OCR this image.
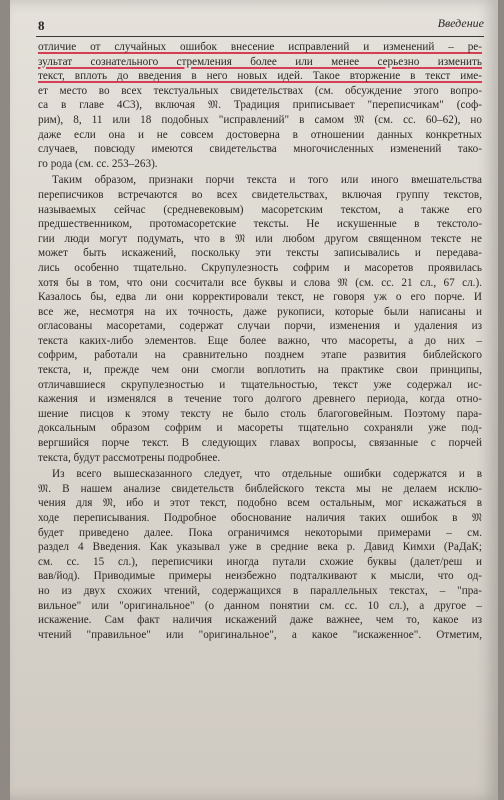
8	Введение
отличие от случайных ошибок внесение исправлений и изменений – ре-
зультат сознательного стремления более или менее серьезно изменить
текст, вплоть до введения в него новых идей. Такое вторжение в текст име-
ет место во всех текстуальных свидетельствах (см. обсуждение этого вопро-
са в главе 4С3), включая 𝔐. Традиция приписывает "переписчикам" (соф-
рим), 8, 11 или 18 подобных "исправлений" в самом 𝔐 (см. сс. 60–62), но
даже если она и не совсем достоверна в отношении данных конкретных
случаев, повсюду имеются свидетельства многочисленных изменений тако-
го рода (см. сс. 253–263).
Таким образом, признаки порчи текста и того или иного вмешательства
переписчиков встречаются во всех свидетельствах, включая группу текстов,
называемых сейчас (средневековым) масоретским текстом, а также его
предшественником, протомасоретские тексты. Не искушенные в текстоло-
гии люди могут подумать, что в 𝔐 или любом другом священном тексте не
может быть искажений, поскольку эти тексты записывались и передава-
лись особенно тщательно. Скрупулезность софрим и масоретов проявилась
хотя бы в том, что они сосчитали все буквы и слова 𝔐 (см. сс. 21 сл., 67 сл.).
Казалось бы, едва ли они корректировали текст, не говоря уж о его порче. И
все же, несмотря на их точность, даже рукописи, которые были написаны и
огласованы масоретами, содержат случаи порчи, изменения и удаления из
текста каких-либо элементов. Еще более важно, что масореты, а до них –
софрим, работали на сравнительно позднем этапе развития библейского
текста, и, прежде чем они смогли воплотить на практике свои принципы,
отличавшиеся скрупулезностью и тщательностью, текст уже содержал ис-
кажения и изменялся в течение того долгого древнего периода, когда отно-
шение писцов к этому тексту не было столь благоговейным. Поэтому пара-
доксальным образом софрим и масореты тщательно сохраняли уже под-
вергшийся порче текст. В следующих главах вопросы, связанные с порчей
текста, будут рассмотрены подробнее.
Из всего вышесказанного следует, что отдельные ошибки содержатся и в
𝔐. В нашем анализе свидетельств библейского текста мы не делаем исклю-
чения для 𝔐, ибо и этот текст, подобно всем остальным, мог искажаться в
ходе переписывания. Подробное обоснование наличия таких ошибок в 𝔐
будет приведено далее. Пока ограничимся некоторыми примерами – см.
раздел 4 Введения. Как указывал уже в средние века р. Давид Кимхи (РаДаК;
см. сс. 15 сл.), переписчики иногда путали схожие буквы (далет/реш и
вав/йод). Приводимые примеры неизбежно подталкивают к мысли, что од-
но из двух схожих чтений, содержащихся в параллельных текстах, – "пра-
вильное" или "оригинальное" (о данном понятии см. сс. 10 сл.), а другое –
искажение. Сам факт наличия искажений даже важнее, чем то, какое из
чтений "правильное" или "оригинальное", а какое "искаженное". Отметим,
